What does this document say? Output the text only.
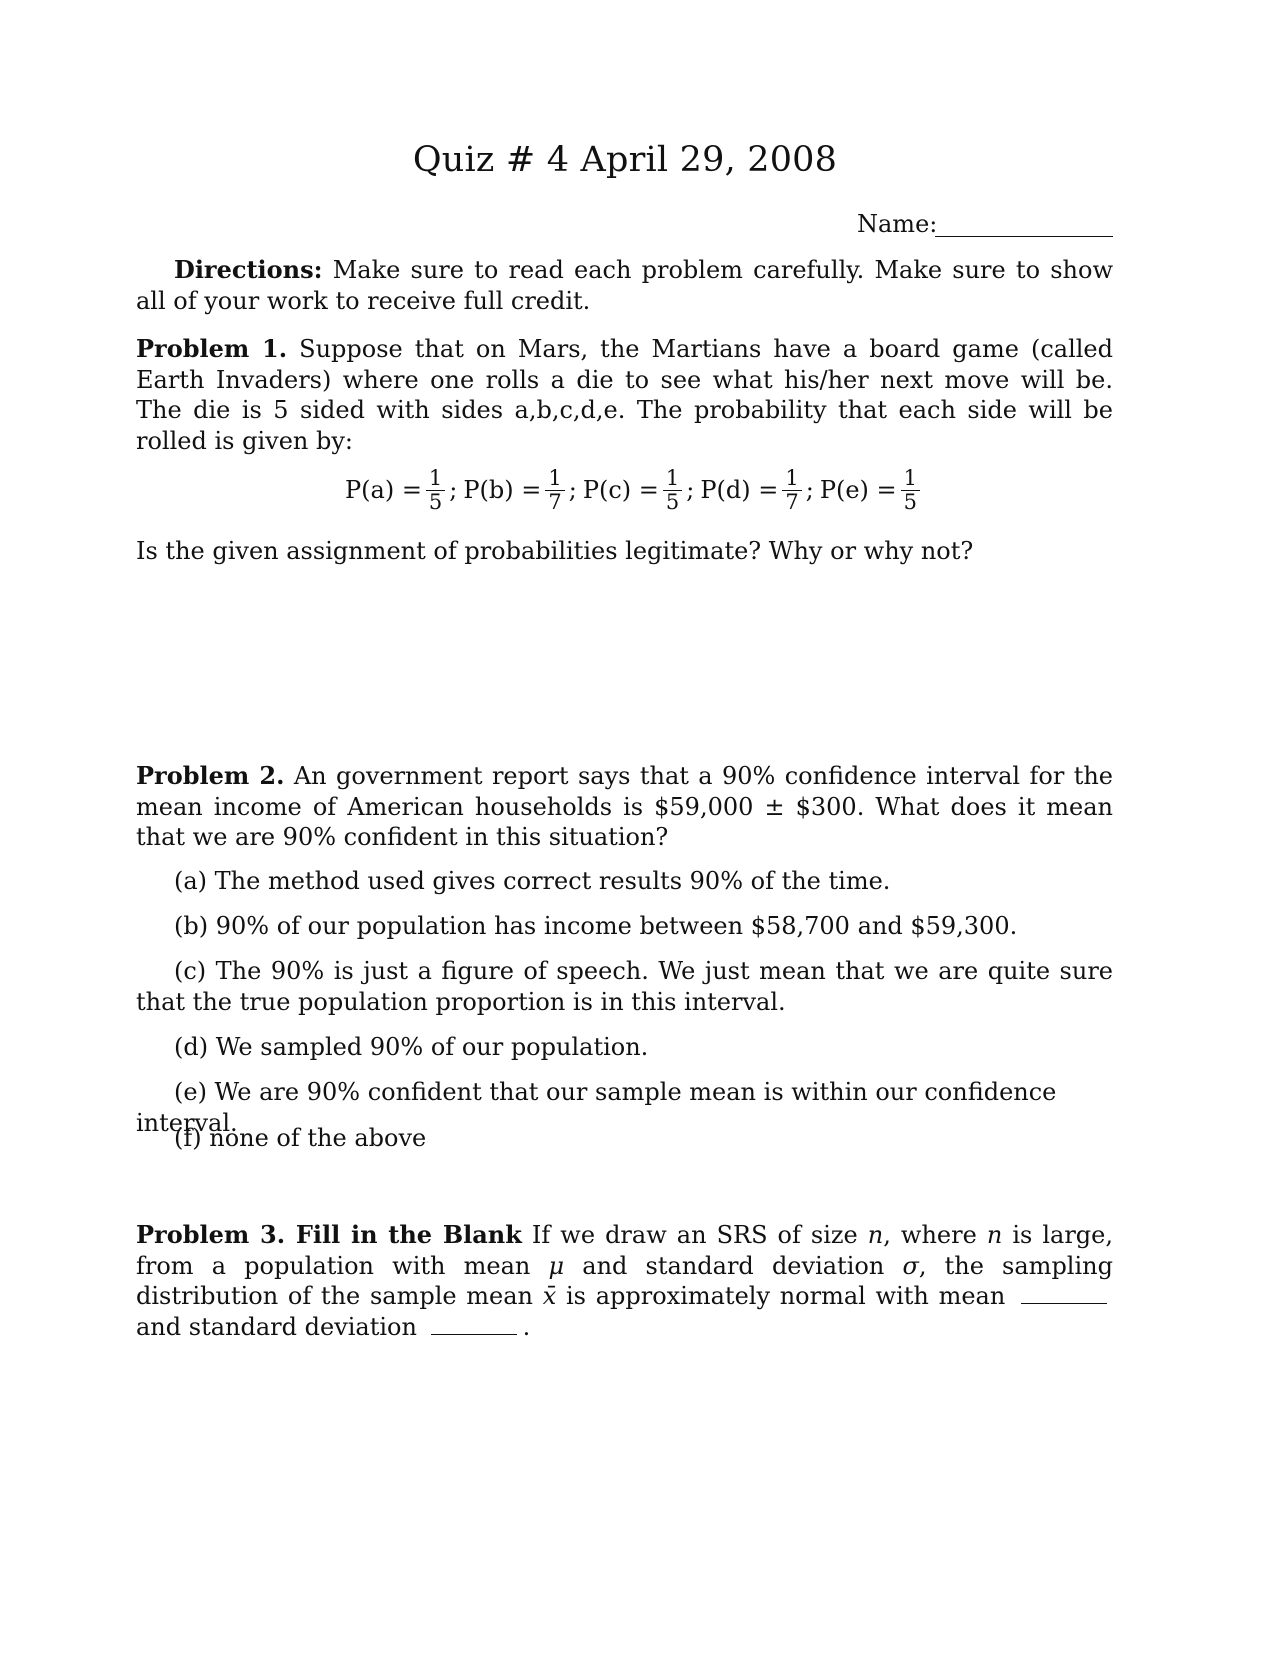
Quiz # 4 April 29, 2008
Name:
Directions: Make sure to read each problem carefully. Make sure to show all of your work to receive full credit.
Problem 1. Suppose that on Mars, the Martians have a board game (called Earth Invaders) where one rolls a die to see what his/her next move will be. The die is 5 sided with sides a,b,c,d,e. The probability that each side will be rolled is given by:
$P(a) = \frac{1}{5}$ ; $P(b) = \frac{1}{7}$ ; $P(c) = \frac{1}{5}$ ; $P(d) = \frac{1}{7}$ ; $P(e) = \frac{1}{5}$
Is the given assignment of probabilities legitimate? Why or why not?
Problem 2. An government report says that a 90% confidence interval for the mean income of American households is $59,000 ± $300. What does it mean that we are 90% confident in this situation?
(a) The method used gives correct results 90% of the time.
(b) 90% of our population has income between $58,700 and $59,300.
(c) The 90% is just a figure of speech. We just mean that we are quite sure that the true population proportion is in this interval.
(d) We sampled 90% of our population.
(e) We are 90% confident that our sample mean is within our confidence interval.
(f) none of the above
Problem 3. Fill in the Blank If we draw an SRS of size n, where n is large, from a population with mean μ and standard deviation σ, the sampling distribution of the sample mean x̄ is approximately normal with mean  and standard deviation	.
